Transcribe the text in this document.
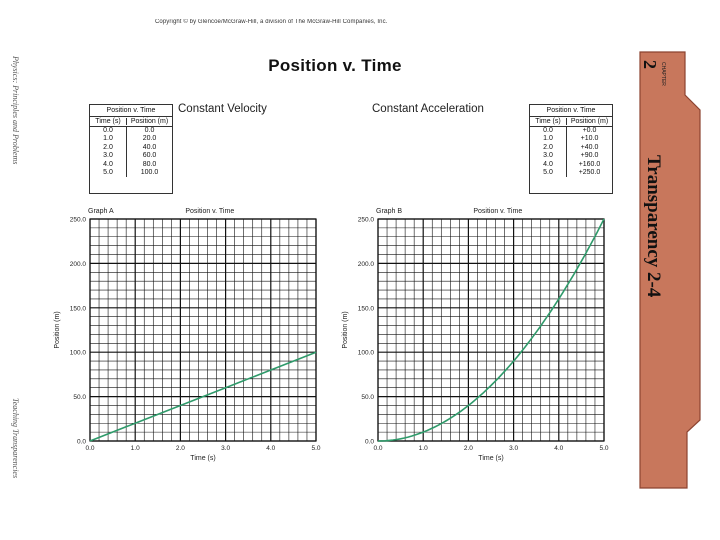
Copyright © by Glencoe/McGraw-Hill, a division of The McGraw-Hill Companies, Inc.
Position v. Time
Physics: Principles and Problems
Teaching Transparencies
Constant Velocity	Constant Acceleration
Position v. Time
Time (s)	Position (m)
0.0	0.0
1.0	20.0
2.0	40.0
3.0	60.0
4.0	80.0
5.0	100.0
Position v. Time
Time (s)	Position (m)
0.0	+0.0
1.0	+10.0
2.0	+40.0
3.0	+90.0
4.0	+160.0
5.0	+250.0
Graph A	Position v. Time
0.0	1.0	2.0	3.0	4.0	5.0
0.0
50.0
100.0
150.0
200.0
250.0
Time (s)
Position (m)
Graph B	Position v. Time
0.0	1.0	2.0	3.0	4.0	5.0
0.0
50.0
100.0
150.0
200.0
250.0
Time (s)
Position (m)
CHAPTER
2
Transparency 2-4
